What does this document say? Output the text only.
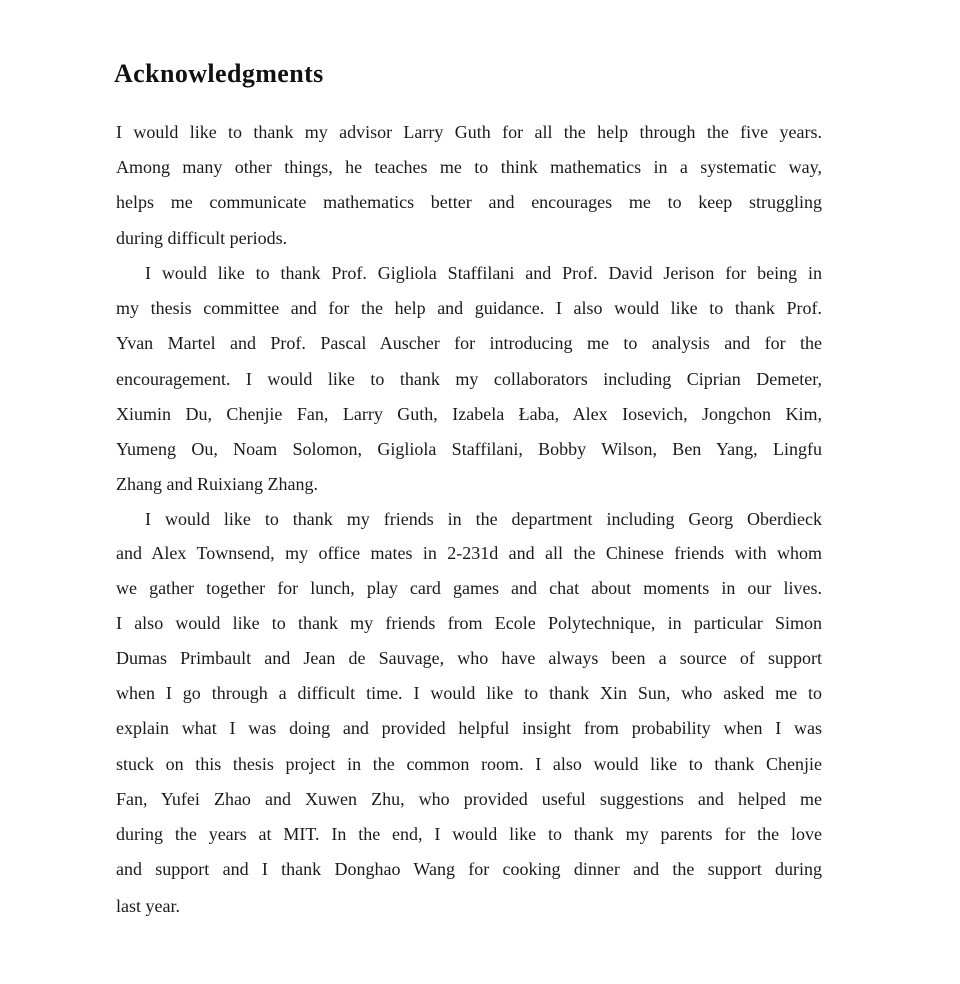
Acknowledgments
I would like to thank my advisor Larry Guth for all the help through the five years.
Among many other things, he teaches me to think mathematics in a systematic way,
helps me communicate mathematics better and encourages me to keep struggling
during difficult periods.
I would like to thank Prof. Gigliola Staffilani and Prof. David Jerison for being in
my thesis committee and for the help and guidance. I also would like to thank Prof.
Yvan Martel and Prof. Pascal Auscher for introducing me to analysis and for the
encouragement. I would like to thank my collaborators including Ciprian Demeter,
Xiumin Du, Chenjie Fan, Larry Guth, Izabela Łaba, Alex Iosevich, Jongchon Kim,
Yumeng Ou, Noam Solomon, Gigliola Staffilani, Bobby Wilson, Ben Yang, Lingfu
Zhang and Ruixiang Zhang.
I would like to thank my friends in the department including Georg Oberdieck
and Alex Townsend, my office mates in 2-231d and all the Chinese friends with whom
we gather together for lunch, play card games and chat about moments in our lives.
I also would like to thank my friends from Ecole Polytechnique, in particular Simon
Dumas Primbault and Jean de Sauvage, who have always been a source of support
when I go through a difficult time. I would like to thank Xin Sun, who asked me to
explain what I was doing and provided helpful insight from probability when I was
stuck on this thesis project in the common room. I also would like to thank Chenjie
Fan, Yufei Zhao and Xuwen Zhu, who provided useful suggestions and helped me
during the years at MIT. In the end, I would like to thank my parents for the love
and support and I thank Donghao Wang for cooking dinner and the support during
last year.
